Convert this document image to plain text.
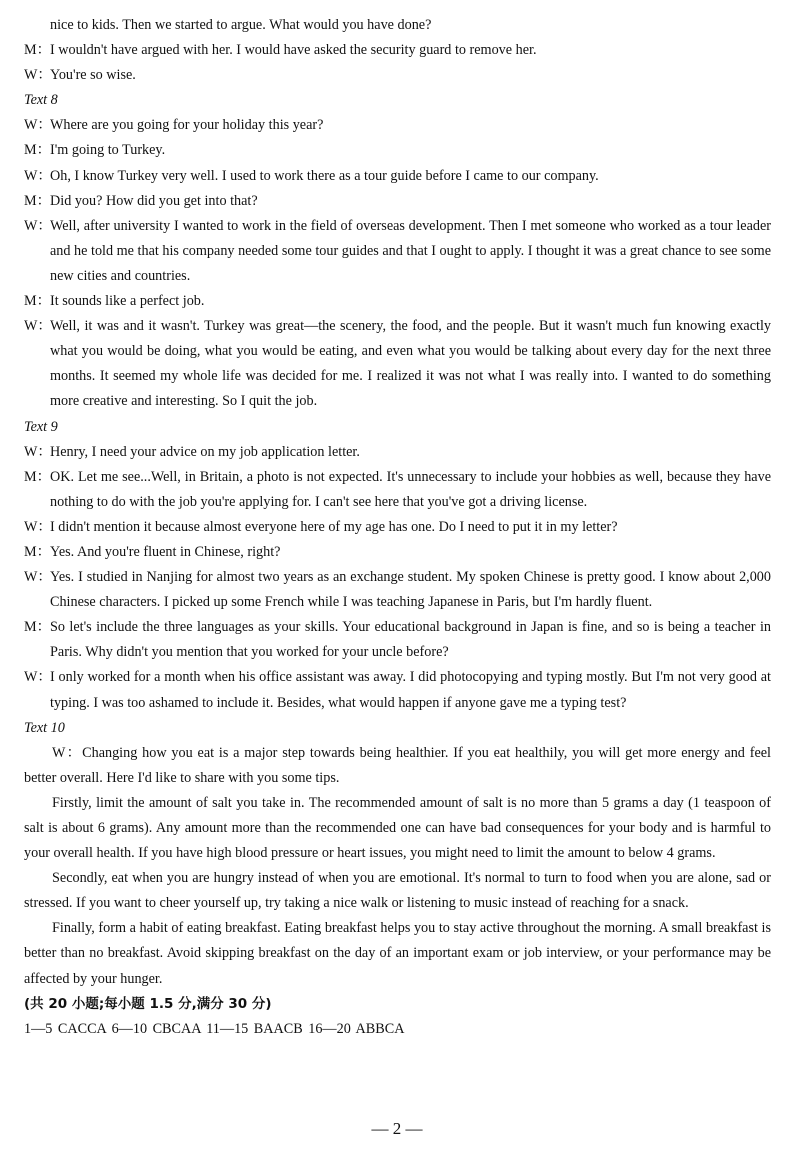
nice to kids. Then we started to argue. What would you have done?
M： I wouldn't have argued with her. I would have asked the security guard to remove her.
W：
You're so wise.
Text 8
W：
Where are you going for your holiday this year?
M： I'm going to Turkey.
W：
Oh, I know Turkey very well. I used to work there as a tour guide before I came to our company.
M： Did you? How did you get into that?
W：
Well, after university I wanted to work in the field of overseas development. Then I met someone who worked as a tour leader and he told me that his company needed some tour guides and that I ought to apply. I thought it was a great chance to see some new cities and countries.
M： It sounds like a perfect job.
W：
Well, it was and it wasn't. Turkey was great—the scenery, the food, and the people. But it wasn't much fun knowing exactly what you would be doing, what you would be eating, and even what you would be talking about every day for the next three months. It seemed my whole life was decided for me. I realized it was not what I was really into. I wanted to do something more creative and interesting. So I quit the job.
Text 9
W：
Henry, I need your advice on my job application letter.
M： OK. Let me see...Well, in Britain, a photo is not expected. It's unnecessary to include your hobbies as well, because they have nothing to do with the job you're applying for. I can't see here that you've got a driving license.
W：
I didn't mention it because almost everyone here of my age has one. Do I need to put it in my letter?
M： Yes. And you're fluent in Chinese, right?
W：
Yes. I studied in Nanjing for almost two years as an exchange student. My spoken Chinese is pretty good. I know about 2,000 Chinese characters. I picked up some French while I was teaching Japanese in Paris, but I'm hardly fluent.
M： So let's include the three languages as your skills. Your educational background in Japan is fine, and so is being a teacher in Paris. Why didn't you mention that you worked for your uncle before?
W：
I only worked for a month when his office assistant was away. I did photocopying and typing mostly. But I'm not very good at typing. I was too ashamed to include it. Besides, what would happen if anyone gave me a typing test?
Text 10

W：Changing how you eat is a major step towards being healthier. If you eat healthily, you will get more energy and feel better overall. Here I'd like to share with you some tips.

Firstly, limit the amount of salt you take in. The recommended amount of salt is no more than 5 grams a day (1 teaspoon of salt is about 6 grams). Any amount more than the recommended one can have bad consequences for your body and is harmful to your overall health. If you have high blood pressure or heart issues, you might need to limit the amount to below 4 grams.

Secondly, eat when you are hungry instead of when you are emotional. It's normal to turn to food when you are alone, sad or stressed. If you want to cheer yourself up, try taking a nice walk or listening to music instead of reaching for a snack.

Finally, form a habit of eating breakfast. Eating breakfast helps you to stay active throughout the morning. A small breakfast is better than no breakfast. Avoid skipping breakfast on the day of an important exam or job interview, or your performance may be affected by your hunger.

(共 20 小题;每小题 1.5 分,满分 30 分)
1—5 CACCA 6—10 CBCAA 11—15 BAACB 16—20 ABBCA
— 2 —
